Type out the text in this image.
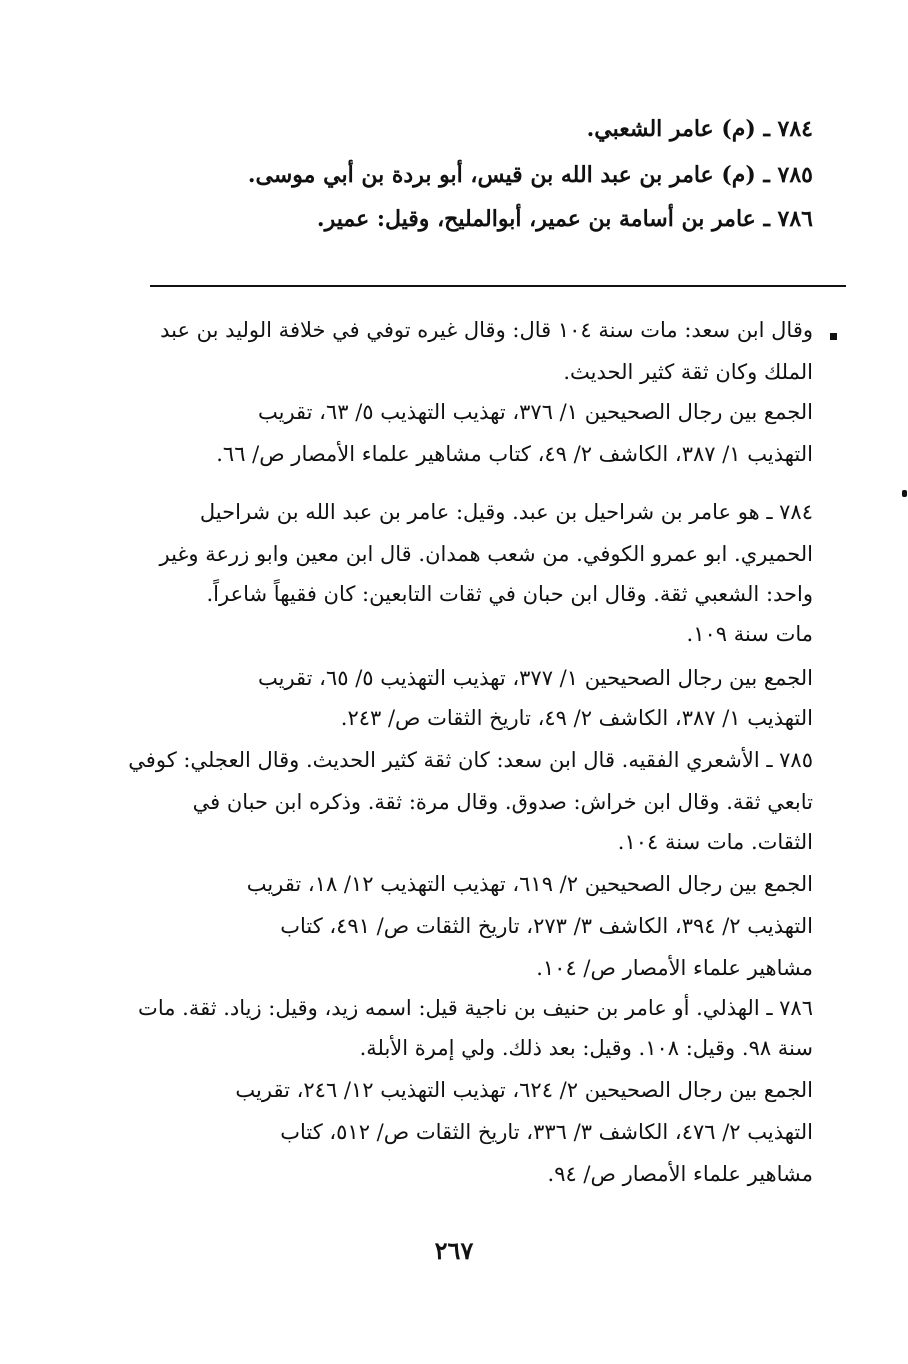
٧٨٤ ـ (م) عامر الشعبي.
٧٨٥ ـ (م) عامر بن عبد الله بن قيس، أبو بردة بن أبي موسى.
٧٨٦ ـ عامر بن أسامة بن عمير، أبوالمليح، وقيل: عمير.
وقال ابن سعد: مات سنة ١٠٤ قال: وقال غيره توفي في خلافة الوليد بن عبد
الملك وكان ثقة كثير الحديث.
الجمع بين رجال الصحيحين ١/ ٣٧٦، تهذيب التهذيب ٥/ ٦٣، تقريب
التهذيب ١/ ٣٨٧، الكاشف ٢/ ٤٩، كتاب مشاهير علماء الأمصار ص/ ٦٦.
٧٨٤ ـ هو عامر بن شراحيل بن عبد. وقيل: عامر بن عبد الله بن شراحيل
الحميري. ابو عمرو الكوفي. من شعب همدان. قال ابن معين وابو زرعة وغير
واحد: الشعبي ثقة. وقال ابن حبان في ثقات التابعين: كان فقيهاً شاعراً.
مات سنة ١٠٩.
الجمع بين رجال الصحيحين ١/ ٣٧٧، تهذيب التهذيب ٥/ ٦٥، تقريب
التهذيب ١/ ٣٨٧، الكاشف ٢/ ٤٩، تاريخ الثقات ص/ ٢٤٣.
٧٨٥ ـ الأشعري الفقيه. قال ابن سعد: كان ثقة كثير الحديث. وقال العجلي: كوفي
تابعي ثقة. وقال ابن خراش: صدوق. وقال مرة: ثقة. وذكره ابن حبان في
الثقات. مات سنة ١٠٤.
الجمع بين رجال الصحيحين ٢/ ٦١٩، تهذيب التهذيب ١٢/ ١٨، تقريب
التهذيب ٢/ ٣٩٤، الكاشف ٣/ ٢٧٣، تاريخ الثقات ص/ ٤٩١، كتاب
مشاهير علماء الأمصار ص/ ١٠٤.
٧٨٦ ـ الهذلي. أو عامر بن حنيف بن ناجية قيل: اسمه زيد، وقيل: زياد. ثقة. مات
سنة ٩٨. وقيل: ١٠٨. وقيل: بعد ذلك. ولي إمرة الأبلة.
الجمع بين رجال الصحيحين ٢/ ٦٢٤، تهذيب التهذيب ١٢/ ٢٤٦، تقريب
التهذيب ٢/ ٤٧٦، الكاشف ٣/ ٣٣٦، تاريخ الثقات ص/ ٥١٢، كتاب
مشاهير علماء الأمصار ص/ ٩٤.
٢٦٧
